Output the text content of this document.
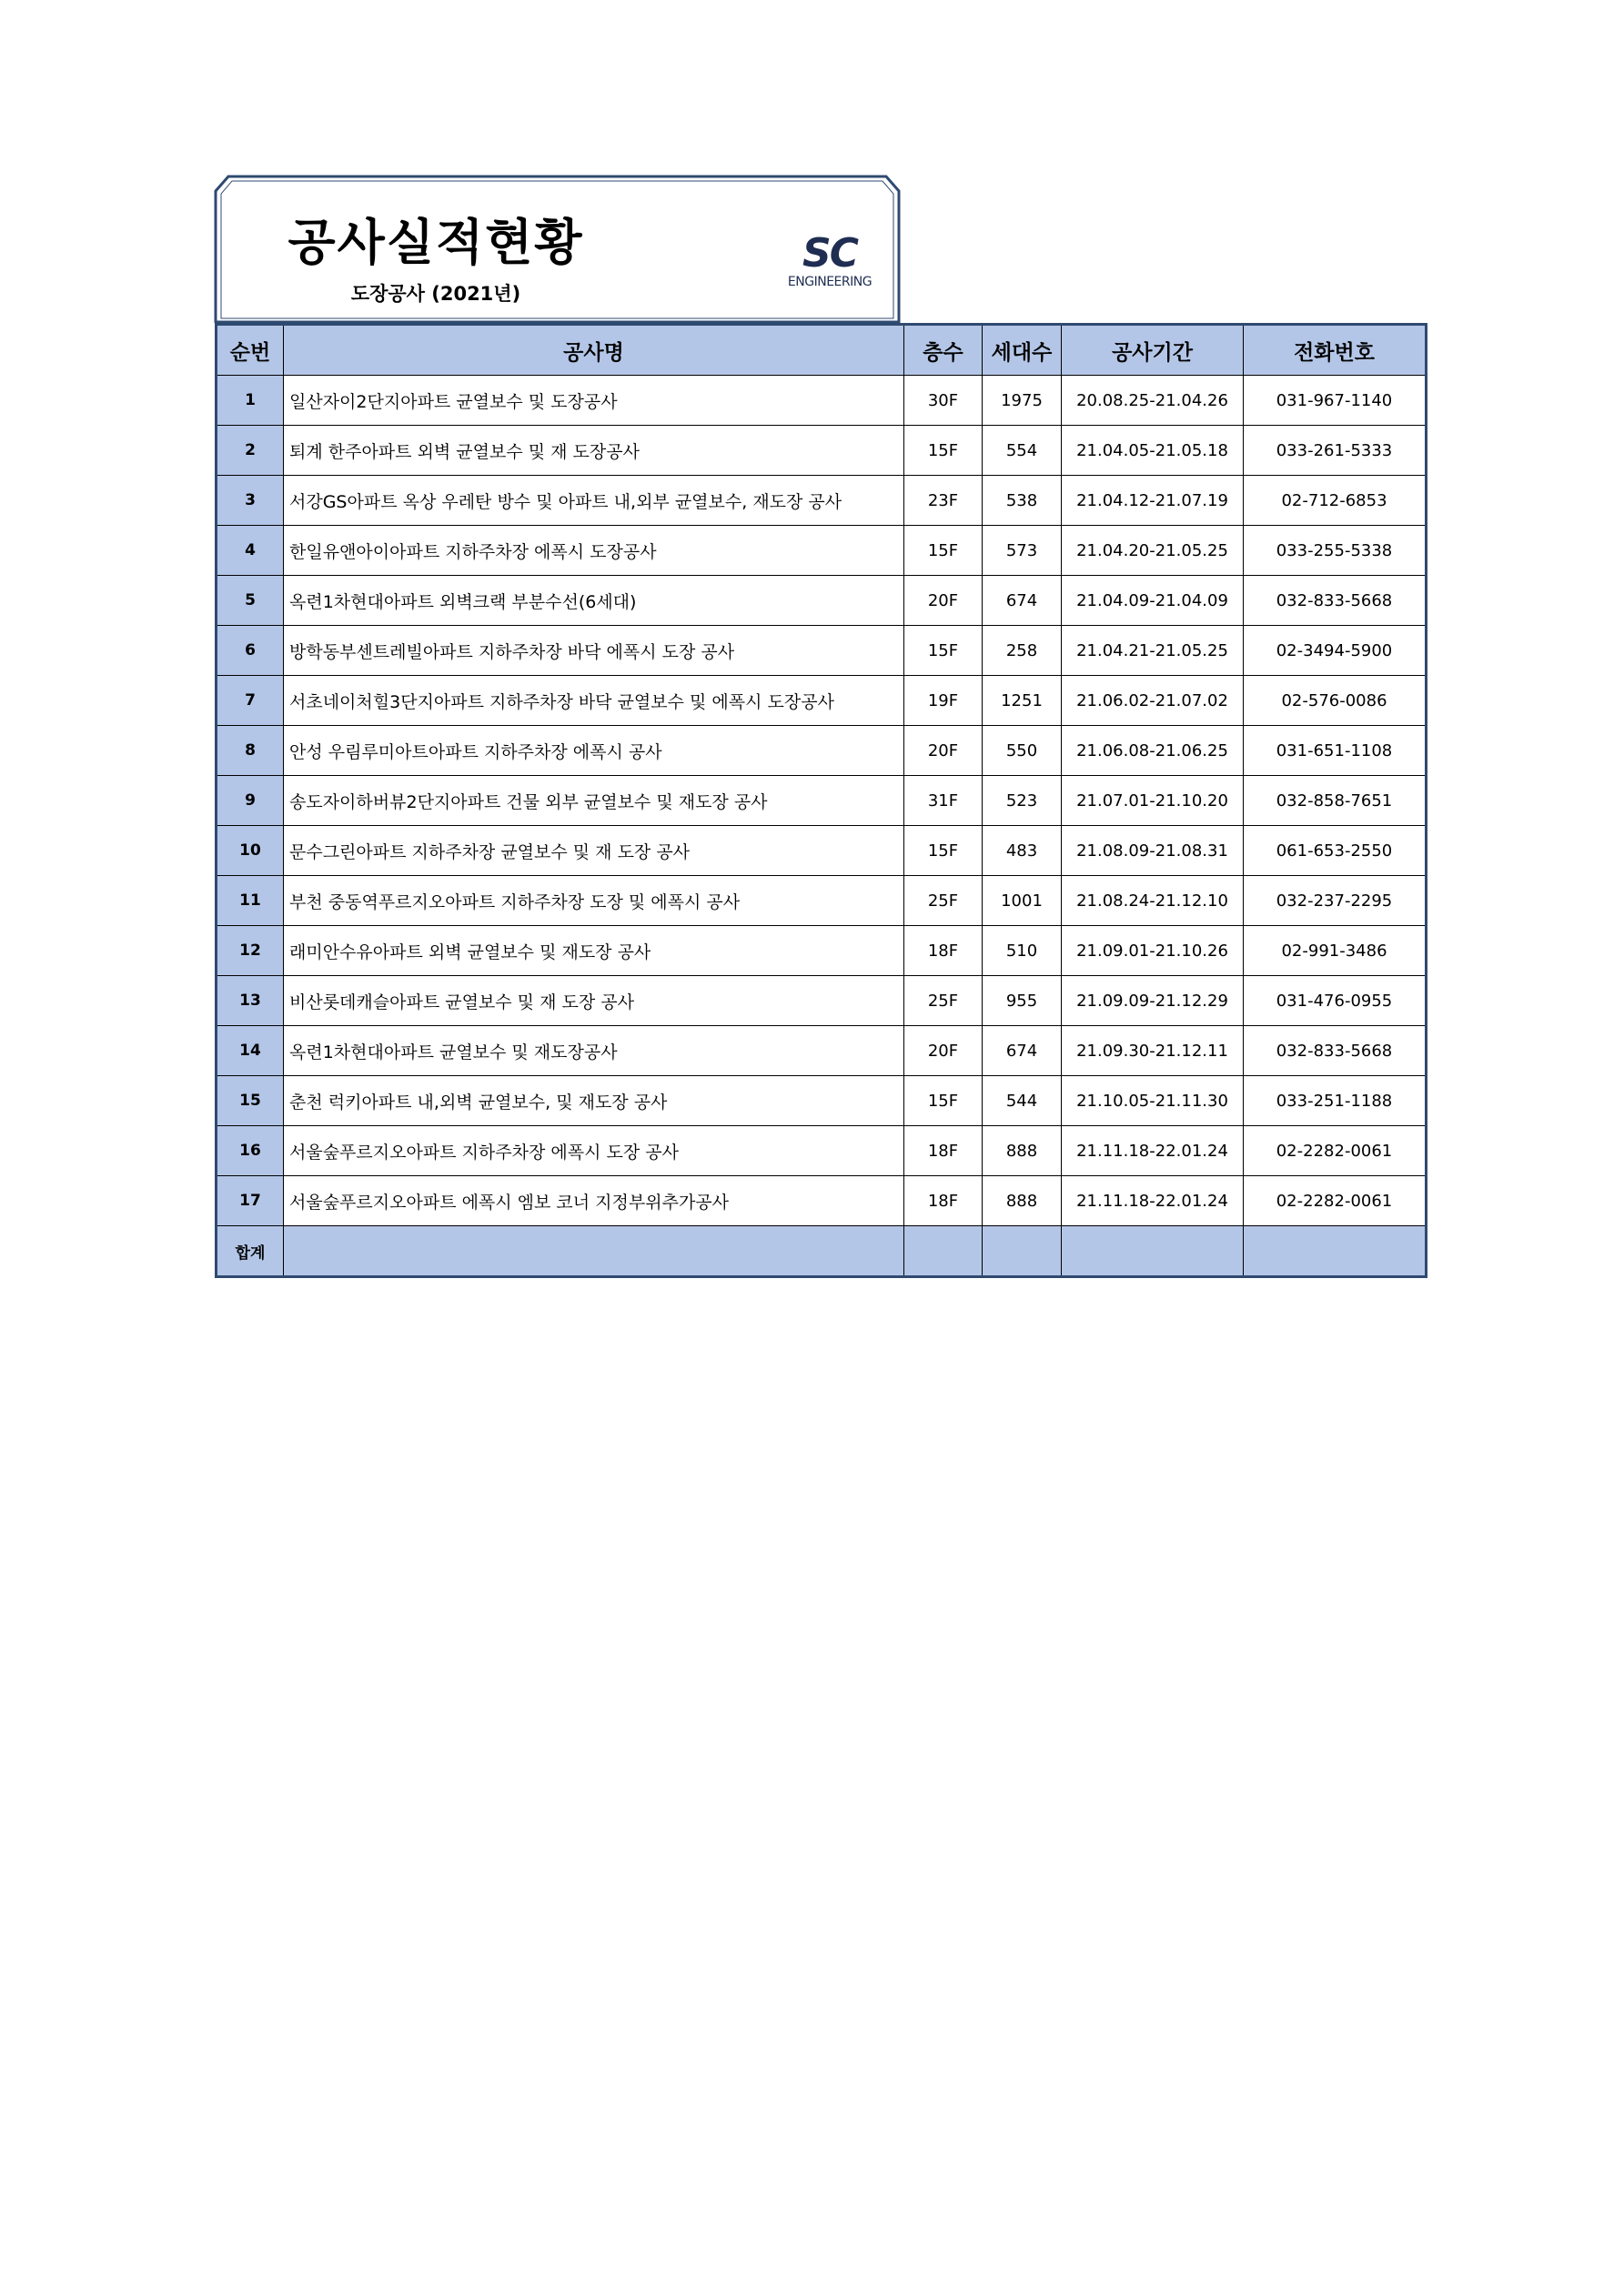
공사실적현황
도장공사 (2021년)
SC
ENGINEERING
순번	공사명	층수	세대수	공사기간	전화번호
1	일산자이2단지아파트 균열보수 및 도장공사	30F	1975	20.08.25-21.04.26	031-967-1140
2	퇴계 한주아파트 외벽 균열보수 및 재 도장공사	15F	554	21.04.05-21.05.18	033-261-5333
3	서강GS아파트 옥상 우레탄 방수 및 아파트 내,외부 균열보수, 재도장 공사	23F	538	21.04.12-21.07.19	02-712-6853
4	한일유앤아이아파트 지하주차장 에폭시 도장공사	15F	573	21.04.20-21.05.25	033-255-5338
5	옥련1차현대아파트 외벽크랙 부분수선(6세대)	20F	674	21.04.09-21.04.09	032-833-5668
6	방학동부센트레빌아파트 지하주차장 바닥 에폭시 도장 공사	15F	258	21.04.21-21.05.25	02-3494-5900
7	서초네이처힐3단지아파트 지하주차장 바닥 균열보수 및 에폭시 도장공사	19F	1251	21.06.02-21.07.02	02-576-0086
8	안성 우림루미아트아파트 지하주차장 에폭시 공사	20F	550	21.06.08-21.06.25	031-651-1108
9	송도자이하버뷰2단지아파트 건물 외부 균열보수 및 재도장 공사	31F	523	21.07.01-21.10.20	032-858-7651
10	문수그린아파트 지하주차장 균열보수 및 재 도장 공사	15F	483	21.08.09-21.08.31	061-653-2550
11	부천 중동역푸르지오아파트 지하주차장 도장 및 에폭시 공사	25F	1001	21.08.24-21.12.10	032-237-2295
12	래미안수유아파트 외벽 균열보수 및 재도장 공사	18F	510	21.09.01-21.10.26	02-991-3486
13	비산롯데캐슬아파트 균열보수 및 재 도장 공사	25F	955	21.09.09-21.12.29	031-476-0955
14	옥련1차현대아파트 균열보수 및 재도장공사	20F	674	21.09.30-21.12.11	032-833-5668
15	춘천 럭키아파트 내,외벽 균열보수, 및 재도장 공사	15F	544	21.10.05-21.11.30	033-251-1188
16	서울숲푸르지오아파트 지하주차장 에폭시 도장 공사	18F	888	21.11.18-22.01.24	02-2282-0061
17	서울숲푸르지오아파트 에폭시 엠보 코너 지정부위추가공사	18F	888	21.11.18-22.01.24	02-2282-0061
합계					
